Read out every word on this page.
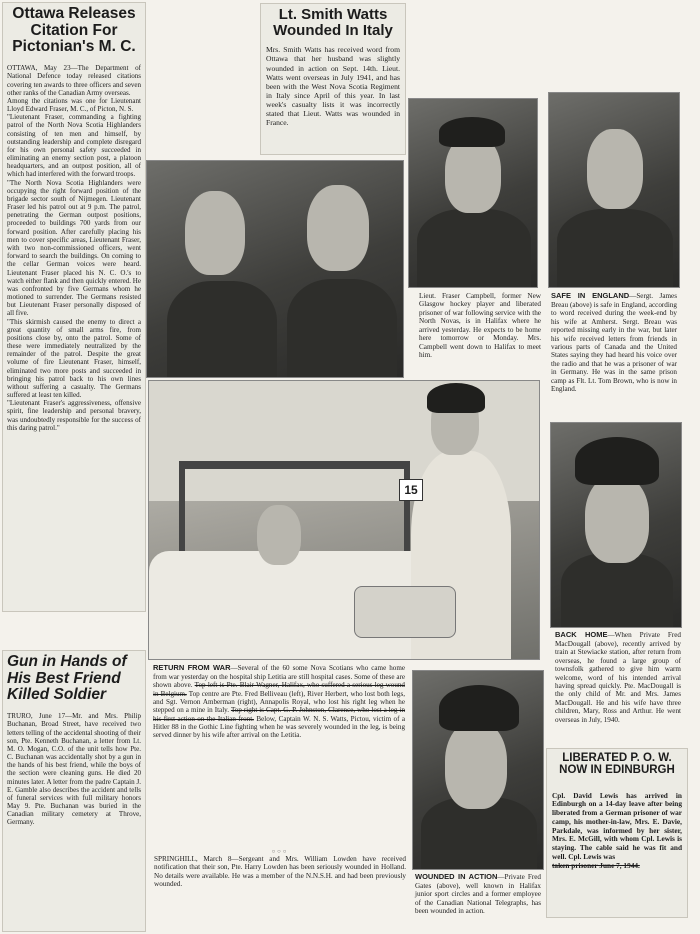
Ottawa Releases Citation For Pictonian's M. C.

OTTAWA, May 23—The Department of National Defence today released citations covering ten awards to three officers and seven other ranks of the Canadian Army overseas.
Among the citations was one for Lieutenant Lloyd Edward Fraser, M. C., of Picton, N. S.
"Lieutenant Fraser, commanding a fighting patrol of the North Nova Scotia Highlanders consisting of ten men and himself, by outstanding leadership and complete disregard for his own personal safety succeeded in eliminating an enemy section post, a platoon headquarters, and an outpost position, all of which had interfered with the forward troops.
"The North Nova Scotia Highlanders were occupying the right forward position of the brigade sector south of Nijmegen. Lieutenant Fraser led his patrol out at 9 p.m. The patrol, penetrating the German outpost positions, proceeded to buildings 700 yards from our forward position. After carefully placing his men to cover specific areas, Lieutenant Fraser, with two non-commissioned officers, went forward to search the buildings. On coming to the cellar German voices were heard. Lieutenant Fraser placed his N. C. O.'s to watch either flank and then quickly entered. He was confronted by five Germans whom he motioned to surrender. The Germans resisted but Lieutenant Fraser personally disposed of all five.
"This skirmish caused the enemy to direct a great quantity of small arms fire, from positions close by, onto the patrol. Some of these were immediately neutralized by the remainder of the patrol. Despite the great volume of fire Lieutenant Fraser, himself, eliminated two more posts and succeeded in bringing his patrol back to his own lines without suffering a casualty. The Germans suffered at least ten killed.
"Lieutenant Fraser's aggressiveness, offensive spirit, fine leadership and personal bravery, was undoubtedly responsible for the success of this daring patrol."

Lt. Smith Watts Wounded In Italy

Mrs. Smith Watts has received word from Ottawa that her husband was slightly wounded in action on Sept. 14th. Lieut. Watts went overseas in July 1941, and has been with the West Nova Scotia Regiment in Italy since April of this year. In last week's casualty lists it was incorrectly stated that Lieut. Watts was wounded in France.

Lieut. Fraser Campbell, former New Glasgow hockey player and liberated prisoner of war following service with the North Novas, is in Halifax where he arrived yesterday. He expects to be home here tomorrow or Monday. Mrs. Campbell went down to Halifax to meet him.

SAFE IN ENGLAND—Sergt. James Breau (above) is safe in England, according to word received during the week-end by his wife at Amherst. Sergt. Breau was reported missing early in the war, but later his wife received letters from friends in various parts of Canada and the United States saying they had heard his voice over the radio and that he was a prisoner of war in Germany. He was in the same prison camp as Flt. Lt. Tom Brown, who is now in England.

15

RETURN FROM WAR—Several of the 60 some Nova Scotians who came home from war yesterday on the hospital ship Letitia are still hospital cases. Some of these are shown above. Top left is Pte. Blair Wagner, Halifax, who suffered a serious leg wound in Belgium. Top centre are Pte. Fred Belliveau (left), River Herbert, who lost both legs, and Sgt. Vernon Amberman (right), Annapolis Royal, who lost his right leg when he stepped on a mine in Italy. Top right is Capt. G. P. Johnston, Clarence, who lost a leg in his first action on the Italian front. Below, Captain W. N. S. Watts, Pictou, victim of a Hitler 88 in the Gothic Line fighting when he was severely wounded in the leg, is being served dinner by his wife after arrival on the Letitia.

○○○

SPRINGHILL, March 8—Sergeant and Mrs. William Lowden have received notification that their son, Pte. Harry Lowden has been seriously wounded in Holland. No details were available. He was a member of the N.N.S.H. and had been previously wounded.

BACK HOME—When Private Fred MacDougall (above), recently arrived by train at Stewiacke station, after return from overseas, he found a large group of townsfolk gathered to give him warm welcome, word of his intended arrival having spread quickly. Pte. MacDougall is the only child of Mr. and Mrs. James MacDougall. He and his wife have three children, Mary, Ross and Arthur. He went overseas in July, 1940.

Gun in Hands of His Best Friend Killed Soldier

TRURO, June 17—Mr. and Mrs. Philip Buchanan, Broad Street, have received two letters telling of the accidental shooting of their son, Pte. Kenneth Buchanan, a letter from Lt. M. O. Mogan, C.O. of the unit tells how Pte. C. Buchanan was accidentally shot by a gun in the hands of his best friend, while the boys of the section were cleaning guns. He died 20 minutes later. A letter from the padre Captain J. E. Gamble also describes the accident and tells of funeral services with full military honors May 9. Pte. Buchanan was buried in the Canadian military cemetery at Throve, Germany.

WOUNDED IN ACTION—Private Fred Gates (above), well known in Halifax junior sport circles and a former employee of the Canadian National Telegraphs, has been wounded in action.

LIBERATED P. O. W. NOW IN EDINBURGH

Cpl. David Lewis has arrived in Edinburgh on a 14-day leave after being liberated from a German prisoner of war camp, his mother-in-law, Mrs. E. Davie, Parkdale, was informed by her sister, Mrs. E. McGill, with whom Cpl. Lewis is staying. The cable said he was fit and well. Cpl. Lewis was
taken prisoner June 7, 1944.
